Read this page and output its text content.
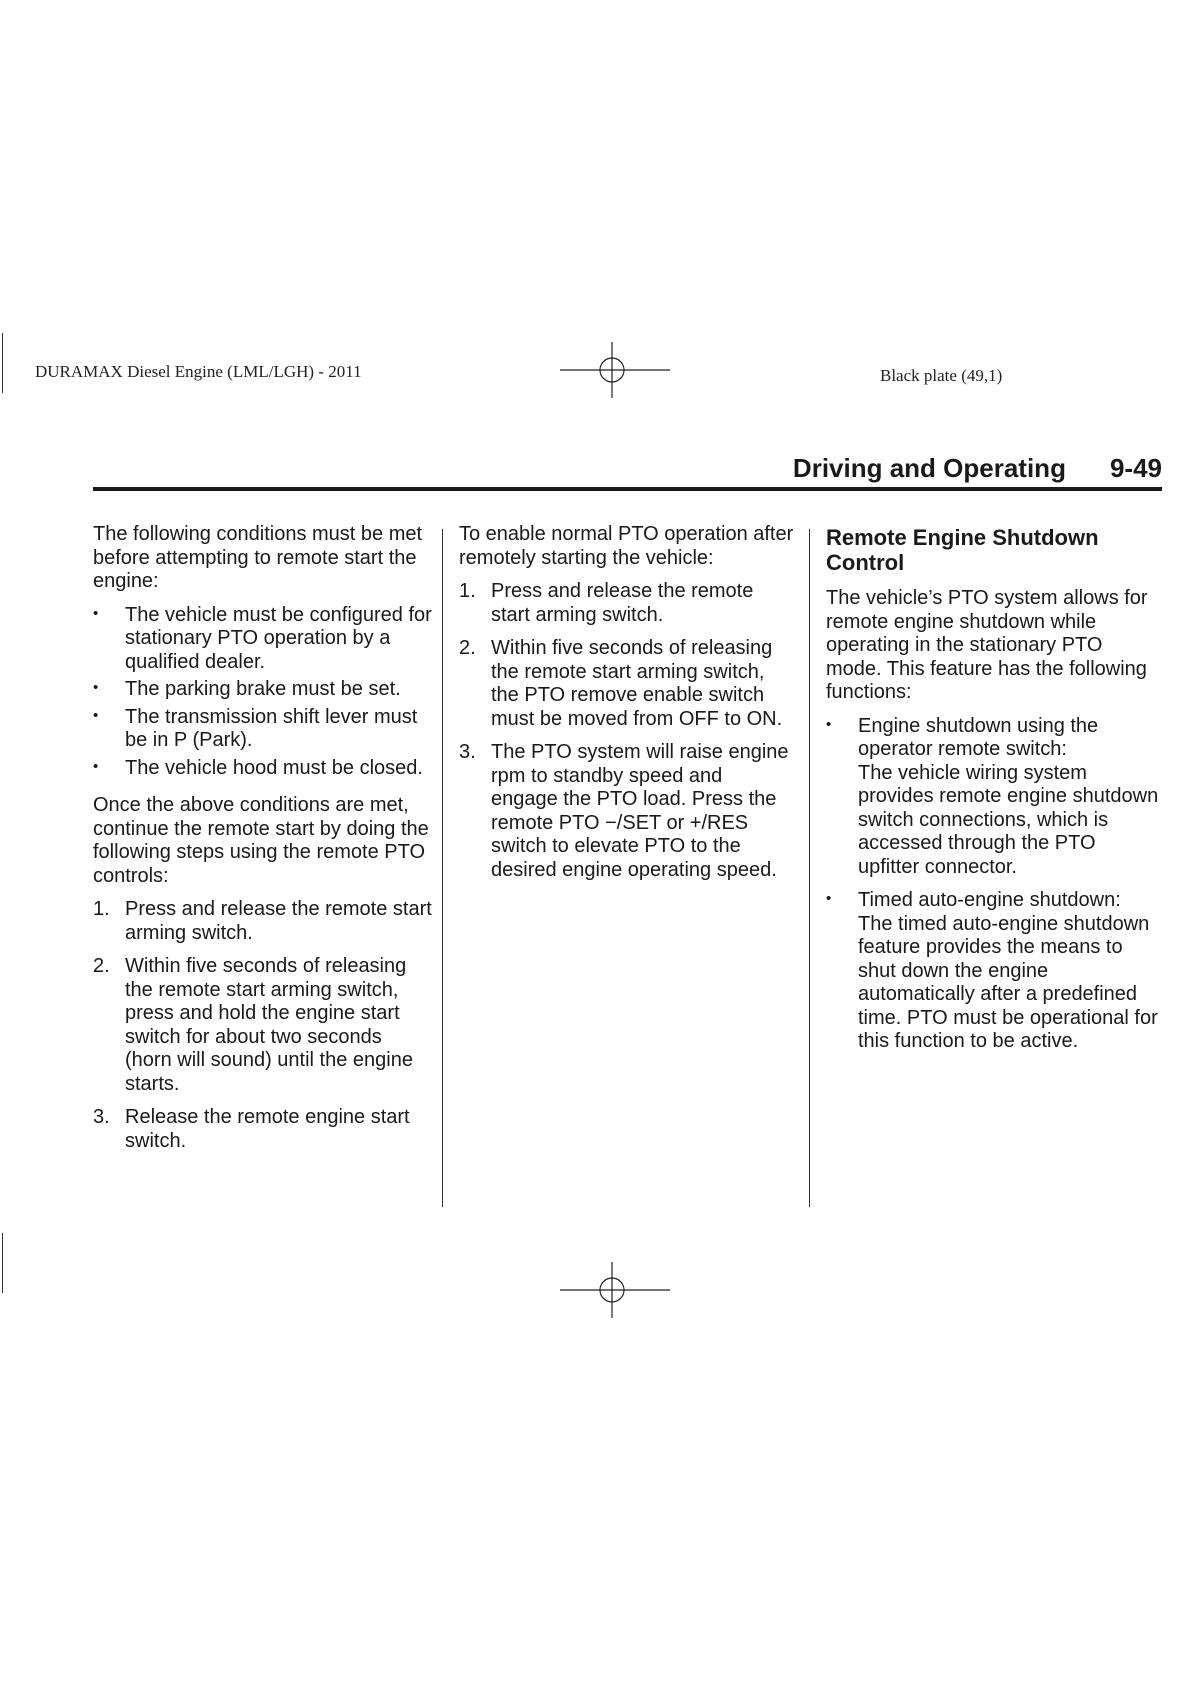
DURAMAX Diesel Engine (LML/LGH) - 2011	Black plate (49,1)
Driving and Operating 9-49

The following conditions must be met before attempting to remote start the engine:

• The vehicle must be configured for stationary PTO operation by a qualified dealer.
• The parking brake must be set.
• The transmission shift lever must be in P (Park).
• The vehicle hood must be closed.

Once the above conditions are met, continue the remote start by doing the following steps using the remote PTO controls:

1. Press and release the remote start arming switch.
2. Within five seconds of releasing the remote start arming switch, press and hold the engine start switch for about two seconds (horn will sound) until the engine starts.
3. Release the remote engine start switch.

To enable normal PTO operation after remotely starting the vehicle:

1. Press and release the remote start arming switch.
2. Within five seconds of releasing the remote start arming switch, the PTO remove enable switch must be moved from OFF to ON.
3. The PTO system will raise engine rpm to standby speed and engage the PTO load. Press the remote PTO −/SET or +/RES switch to elevate PTO to the desired engine operating speed.
Remote Engine Shutdown Control

The vehicle’s PTO system allows for remote engine shutdown while operating in the stationary PTO mode. This feature has the following functions:

• Engine shutdown using the operator remote switch:
The vehicle wiring system provides remote engine shutdown switch connections, which is accessed through the PTO upfitter connector.
• Timed auto-engine shutdown:
The timed auto-engine shutdown feature provides the means to shut down the engine automatically after a predefined time. PTO must be operational for this function to be active.
